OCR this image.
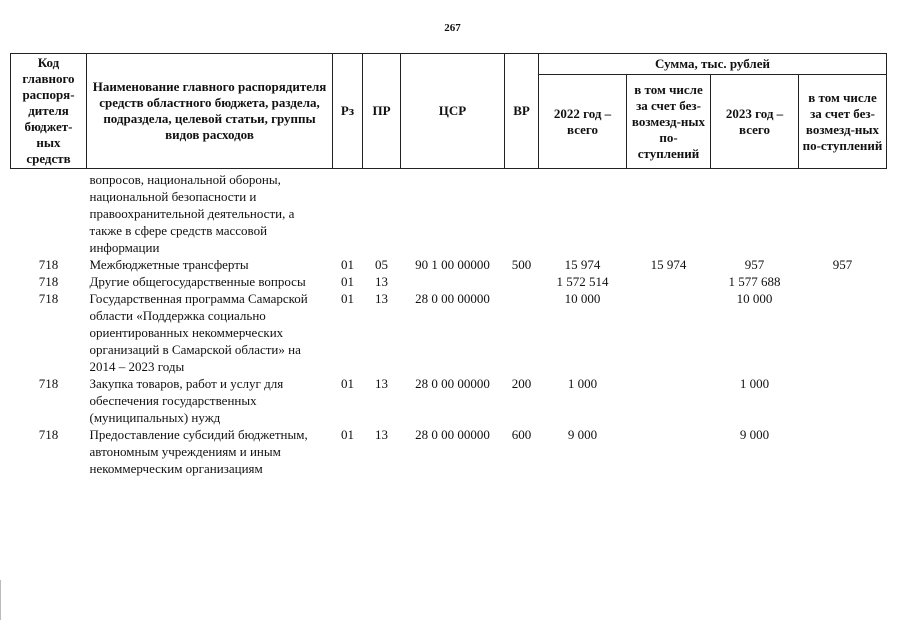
267
Код главного распоря-дителя бюджет-ных средств	Наименование главного распорядителя средств областного бюджета, раздела, подраздела, целевой статьи, группы видов расходов	Рз	ПР	ЦСР	ВР	Сумма, тыс. рублей			
						2022 год – всего	в том числе за счет без-возмезд-ных по-ступлений	2023 год – всего	в том числе за счет без-возмезд-ных по-ступлений
	вопросов, национальной обороны, национальной безопасности и правоохранительной деятельности, а также в сфере средств массовой информации								
718	Межбюджетные трансферты	01	05	90 1 00 00000	500	15 974	15 974	957	957
718	Другие общегосударственные вопросы	01	13			1 572 514		1 577 688	
718	Государственная программа Самарской области «Поддержка социально ориентированных некоммерческих организаций в Самарской области» на 2014 – 2023 годы	01	13	28 0 00 00000		10 000		10 000	
718	Закупка товаров, работ и услуг для обеспечения государственных (муниципальных) нужд	01	13	28 0 00 00000	200	1 000		1 000	
718	Предоставление субсидий бюджетным, автономным учреждениям и иным некоммерческим организациям	01	13	28 0 00 00000	600	9 000		9 000	
